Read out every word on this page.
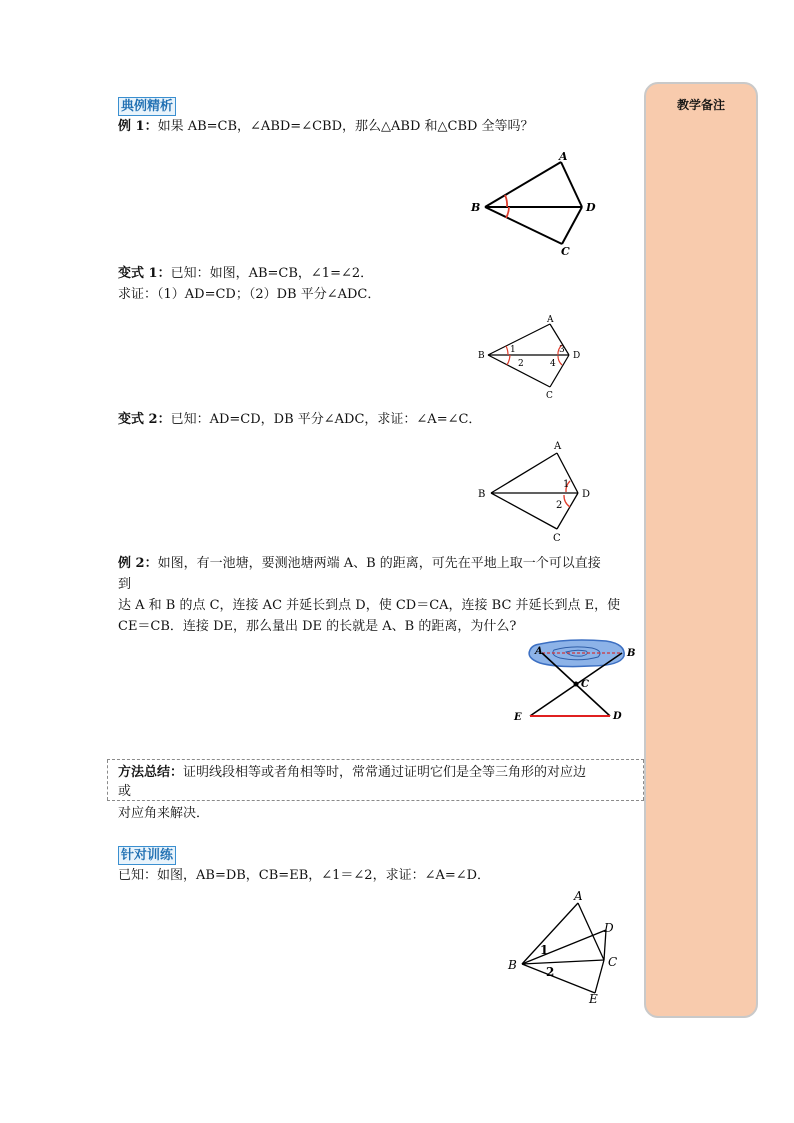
教学备注
典例精析
例 1：如果 AB=CB，∠ABD=∠CBD，那么△ABD 和△CBD 全等吗？
A
B	D
C
变式 1：已知：如图，AB=CB，∠1=∠2．
求证：（1）AD=CD；（2）DB 平分∠ADC．
A
B	D
C
1
2
3
4
变式 2：已知：AD=CD，DB 平分∠ADC，求证：∠A=∠C．
A
B	D
C
1
2
例 2：如图，有一池塘，要测池塘两端 A、B 的距离，可先在平地上取一个可以直接
到
达 A 和 B 的点 C，连接 AC 并延长到点 D，使 CD＝CA，连接 BC 并延长到点 E，使
CE＝CB．连接 DE，那么量出 DE 的长就是 A、B 的距离，为什么?
A	B
C
E	D
方法总结：证明线段相等或者角相等时，常常通过证明它们是全等三角形的对应边
或
对应角来解决．
针对训练
已知：如图，AB=DB，CB=EB，∠1＝∠2，求证：∠A=∠D．
A
B	C
D
E
1
2
